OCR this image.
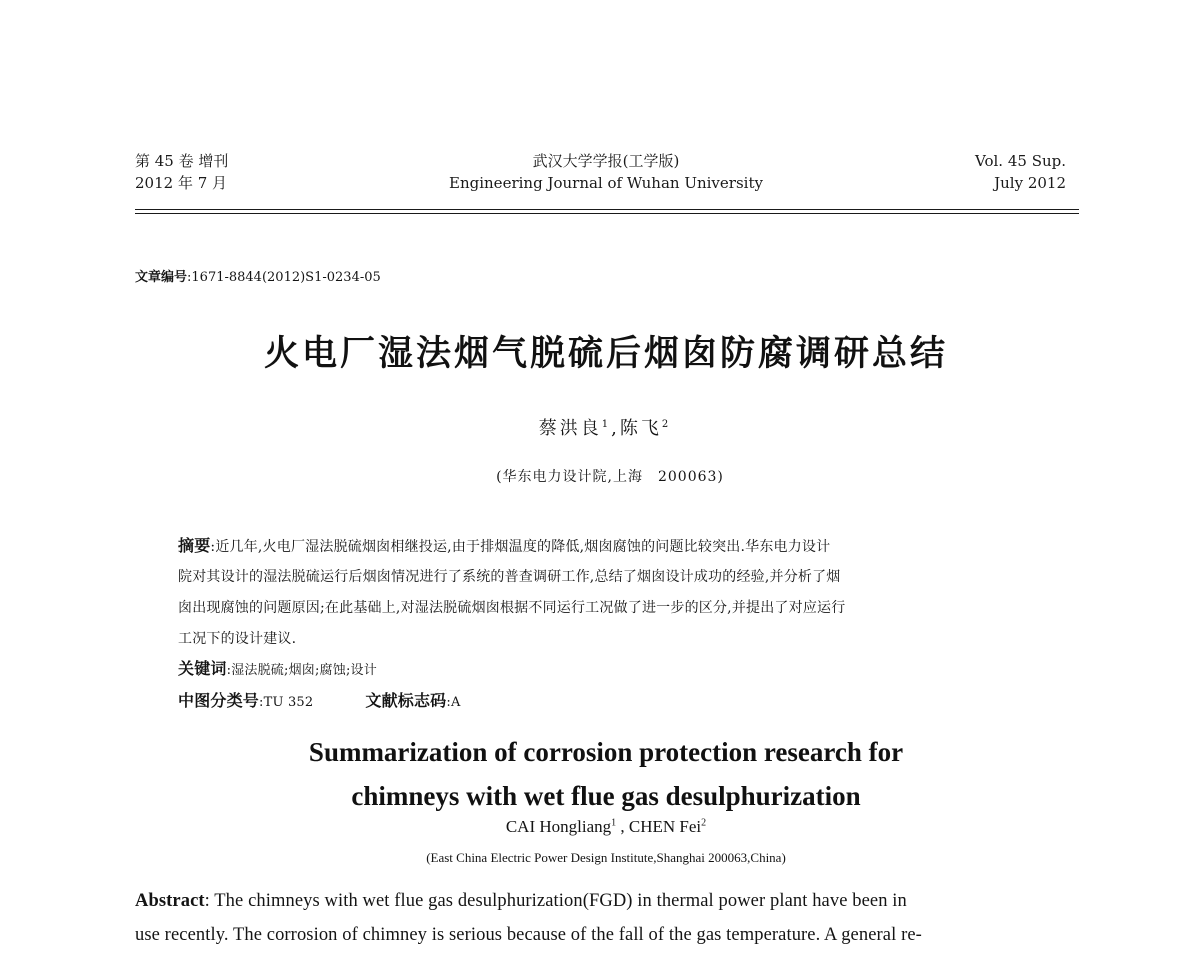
第 45 卷 增刊
2012 年 7 月
武汉大学学报(工学版)
Engineering Journal of Wuhan University
Vol. 45 Sup.
July 2012
文章编号:1671-8844(2012)S1-0234-05
火电厂湿法烟气脱硫后烟囱防腐调研总结
蔡洪良$^1$,陈飞$^2$
(华东电力设计院,上海　200063)
摘要:近几年,火电厂湿法脱硫烟囱相继投运,由于排烟温度的降低,烟囱腐蚀的问题比较突出.华东电力设计
院对其设计的湿法脱硫运行后烟囱情况进行了系统的普查调研工作,总结了烟囱设计成功的经验,并分析了烟
囱出现腐蚀的问题原因;在此基础上,对湿法脱硫烟囱根据不同运行工况做了进一步的区分,并提出了对应运行
工况下的设计建议.
关键词:湿法脱硫;烟囱;腐蚀;设计
中图分类号:TU 352	文献标志码:A
Summarization of corrosion protection research for
chimneys with wet flue gas desulphurization
CAI Hongliang$^1$ , CHEN Fei$^2$
(East China Electric Power Design Institute,Shanghai 200063,China)
Abstract: The chimneys with wet flue gas desulphurization(FGD) in thermal power plant have been in
use recently. The corrosion of chimney is serious because of the fall of the gas temperature. A general re-
